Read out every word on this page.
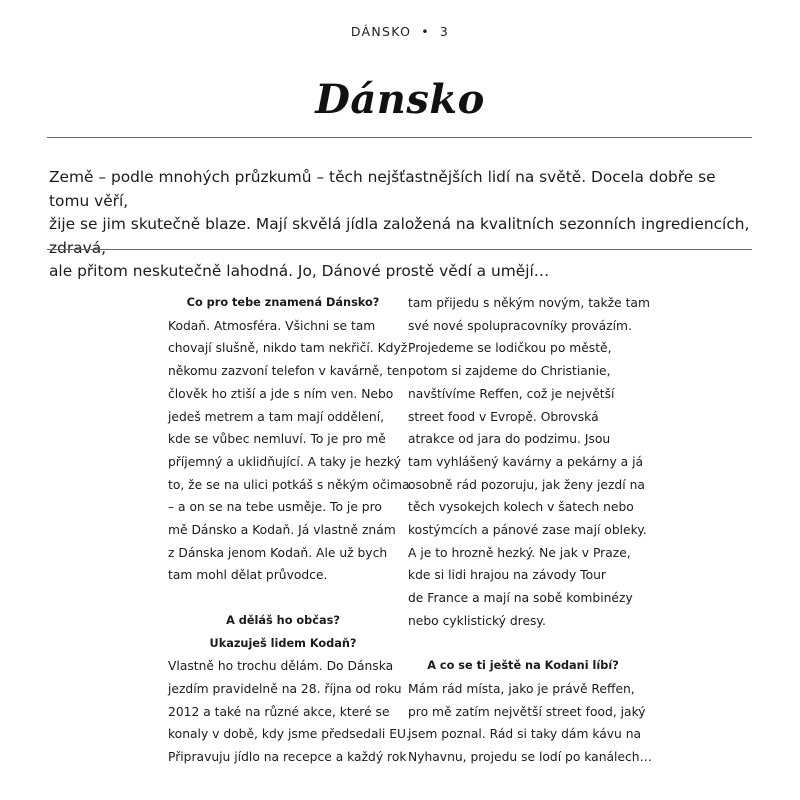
DÁNSKO • 3
Dánsko
Země – podle mnohých průzkumů – těch nejšťastnějších lidí na světě. Docela dobře se tomu věří,
žije se jim skutečně blaze. Mají skvělá jídla založená na kvalitních sezonních ingrediencích, zdravá,
ale přitom neskutečně lahodná. Jo, Dánové prostě vědí a umějí…
Co pro tebe znamená Dánsko?
Kodaň. Atmosféra. Všichni se tam
chovají slušně, nikdo tam nekřičí. Když
někomu zazvoní telefon v kavárně, ten
člověk ho ztiší a jde s ním ven. Nebo
jedeš metrem a tam mají oddělení,
kde se vůbec nemluví. To je pro mě
příjemný a uklidňující. A taky je hezký
to, že se na ulici potkáš s někým očima
– a on se na tebe usměje. To je pro
mě Dánsko a Kodaň. Já vlastně znám
z Dánska jenom Kodaň. Ale už bych
tam mohl dělat průvodce.
A děláš ho občas?
Ukazuješ lidem Kodaň?
Vlastně ho trochu dělám. Do Dánska
jezdím pravidelně na 28. října od roku
2012 a také na různé akce, které se
konaly v době, kdy jsme předsedali EU.
Připravuju jídlo na recepce a každý rok
tam přijedu s někým novým, takže tam
své nové spolupracovníky provázím.
Projedeme se lodičkou po městě,
potom si zajdeme do Christianie,
navštívíme Reffen, což je největší
street food v Evropě. Obrovská
atrakce od jara do podzimu. Jsou
tam vyhlášený kavárny a pekárny a já
osobně rád pozoruju, jak ženy jezdí na
těch vysokejch kolech v šatech nebo
kostýmcích a pánové zase mají obleky.
A je to hrozně hezký. Ne jak v Praze,
kde si lidi hrajou na závody Tour
de France a mají na sobě kombinézy
nebo cyklistický dresy.
A co se ti ještě na Kodani líbí?
Mám rád místa, jako je právě Reffen,
pro mě zatím největší street food, jaký
jsem poznal. Rád si taky dám kávu na
Nyhavnu, projedu se lodí po kanálech…
